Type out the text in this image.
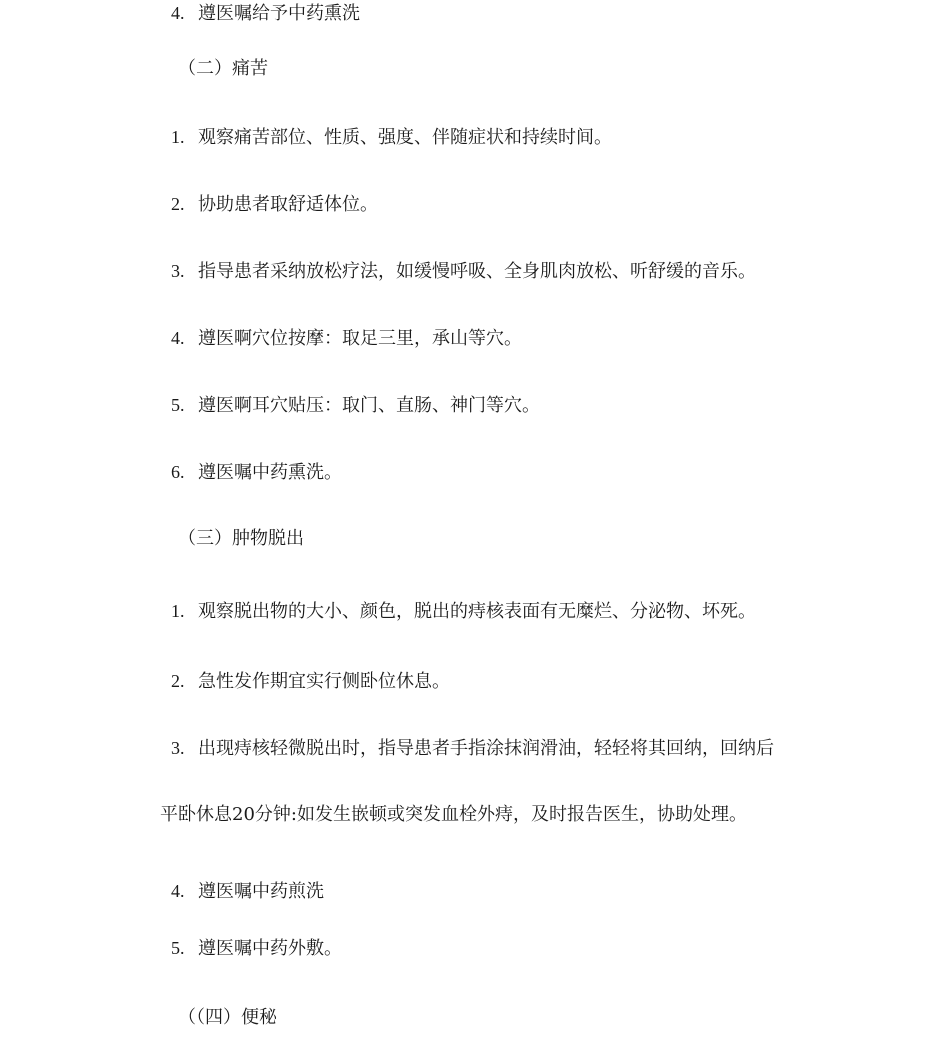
4. 遵医嘱给予中药熏洗
（二）痛苦
1. 观察痛苦部位、性质、强度、伴随症状和持续时间。
2. 协助患者取舒适体位。
3. 指导患者采纳放松疗法，如缓慢呼吸、全身肌肉放松、听舒缓的音乐。
4. 遵医啊穴位按摩：取足三里，承山等穴。
5. 遵医啊耳穴贴压：取门、直肠、神门等穴。
6. 遵医嘱中药熏洗。
（三）肿物脱出
1. 观察脱出物的大小、颜色，脱出的痔核表面有无糜烂、分泌物、坏死。
2. 急性发作期宜实行侧卧位休息。
3. 出现痔核轻微脱出时，指导患者手指涂抹润滑油，轻轻将其回纳，回纳后
平卧休息20分钟:如发生嵌顿或突发血栓外痔，及时报告医生，协助处理。
4. 遵医嘱中药煎洗
5. 遵医嘱中药外敷。
（（四）便秘
